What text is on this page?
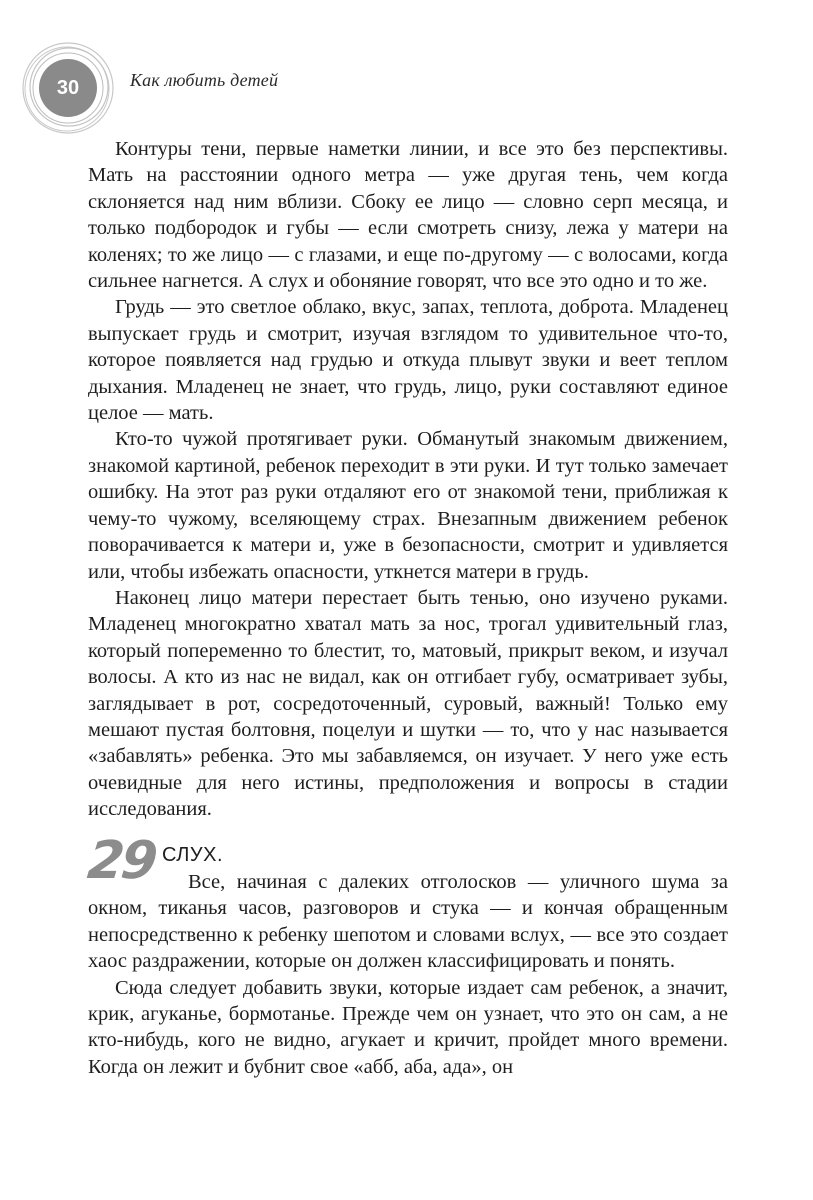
30	Как любить детей

Контуры тени, первые наметки линии, и все это без перспективы. Мать на расстоянии одного метра — уже другая тень, чем когда склоняется над ним вблизи. Сбоку ее лицо — словно серп месяца, и только подбородок и губы — если смотреть снизу, лежа у матери на коленях; то же лицо — с глазами, и еще по-другому — с волосами, когда сильнее нагнется. А слух и обоняние говорят, что все это одно и то же.

Грудь — это светлое облако, вкус, запах, теплота, доброта. Младенец выпускает грудь и смотрит, изучая взглядом то удивительное что-то, которое появляется над грудью и откуда плывут звуки и веет теплом дыхания. Младенец не знает, что грудь, лицо, руки составляют единое целое — мать.

Кто-то чужой протягивает руки. Обманутый знакомым движением, знакомой картиной, ребенок переходит в эти руки. И тут только замечает ошибку. На этот раз руки отдаляют его от знакомой тени, приближая к чему-то чужому, вселяющему страх. Внезапным движением ребенок поворачивается к матери и, уже в безопасности, смотрит и удивляется или, чтобы избежать опасности, уткнется матери в грудь.

Наконец лицо матери перестает быть тенью, оно изучено руками. Младенец многократно хватал мать за нос, трогал удивительный глаз, который попеременно то блестит, то, матовый, прикрыт веком, и изучал волосы. А кто из нас не видал, как он отгибает губу, осматривает зубы, заглядывает в рот, сосредоточенный, суровый, важный! Только ему мешают пустая болтовня, поцелуи и шутки — то, что у нас называется «забавлять» ребенка. Это мы забавляемся, он изучает. У него уже есть очевидные для него истины, предположения и вопросы в стадии исследования.

29 СЛУХ.

Все, начиная с далеких отголосков — уличного шума за окном, тиканья часов, разговоров и стука — и кончая обращенным непосредственно к ребенку шепотом и словами вслух, — все это создает хаос раздражении, которые он должен классифицировать и понять.

Сюда следует добавить звуки, которые издает сам ребенок, а значит, крик, агуканье, бормотанье. Прежде чем он узнает, что это он сам, а не кто-нибудь, кого не видно, агукает и кричит, пройдет много времени. Когда он лежит и бубнит свое «абб, аба, ада», он
